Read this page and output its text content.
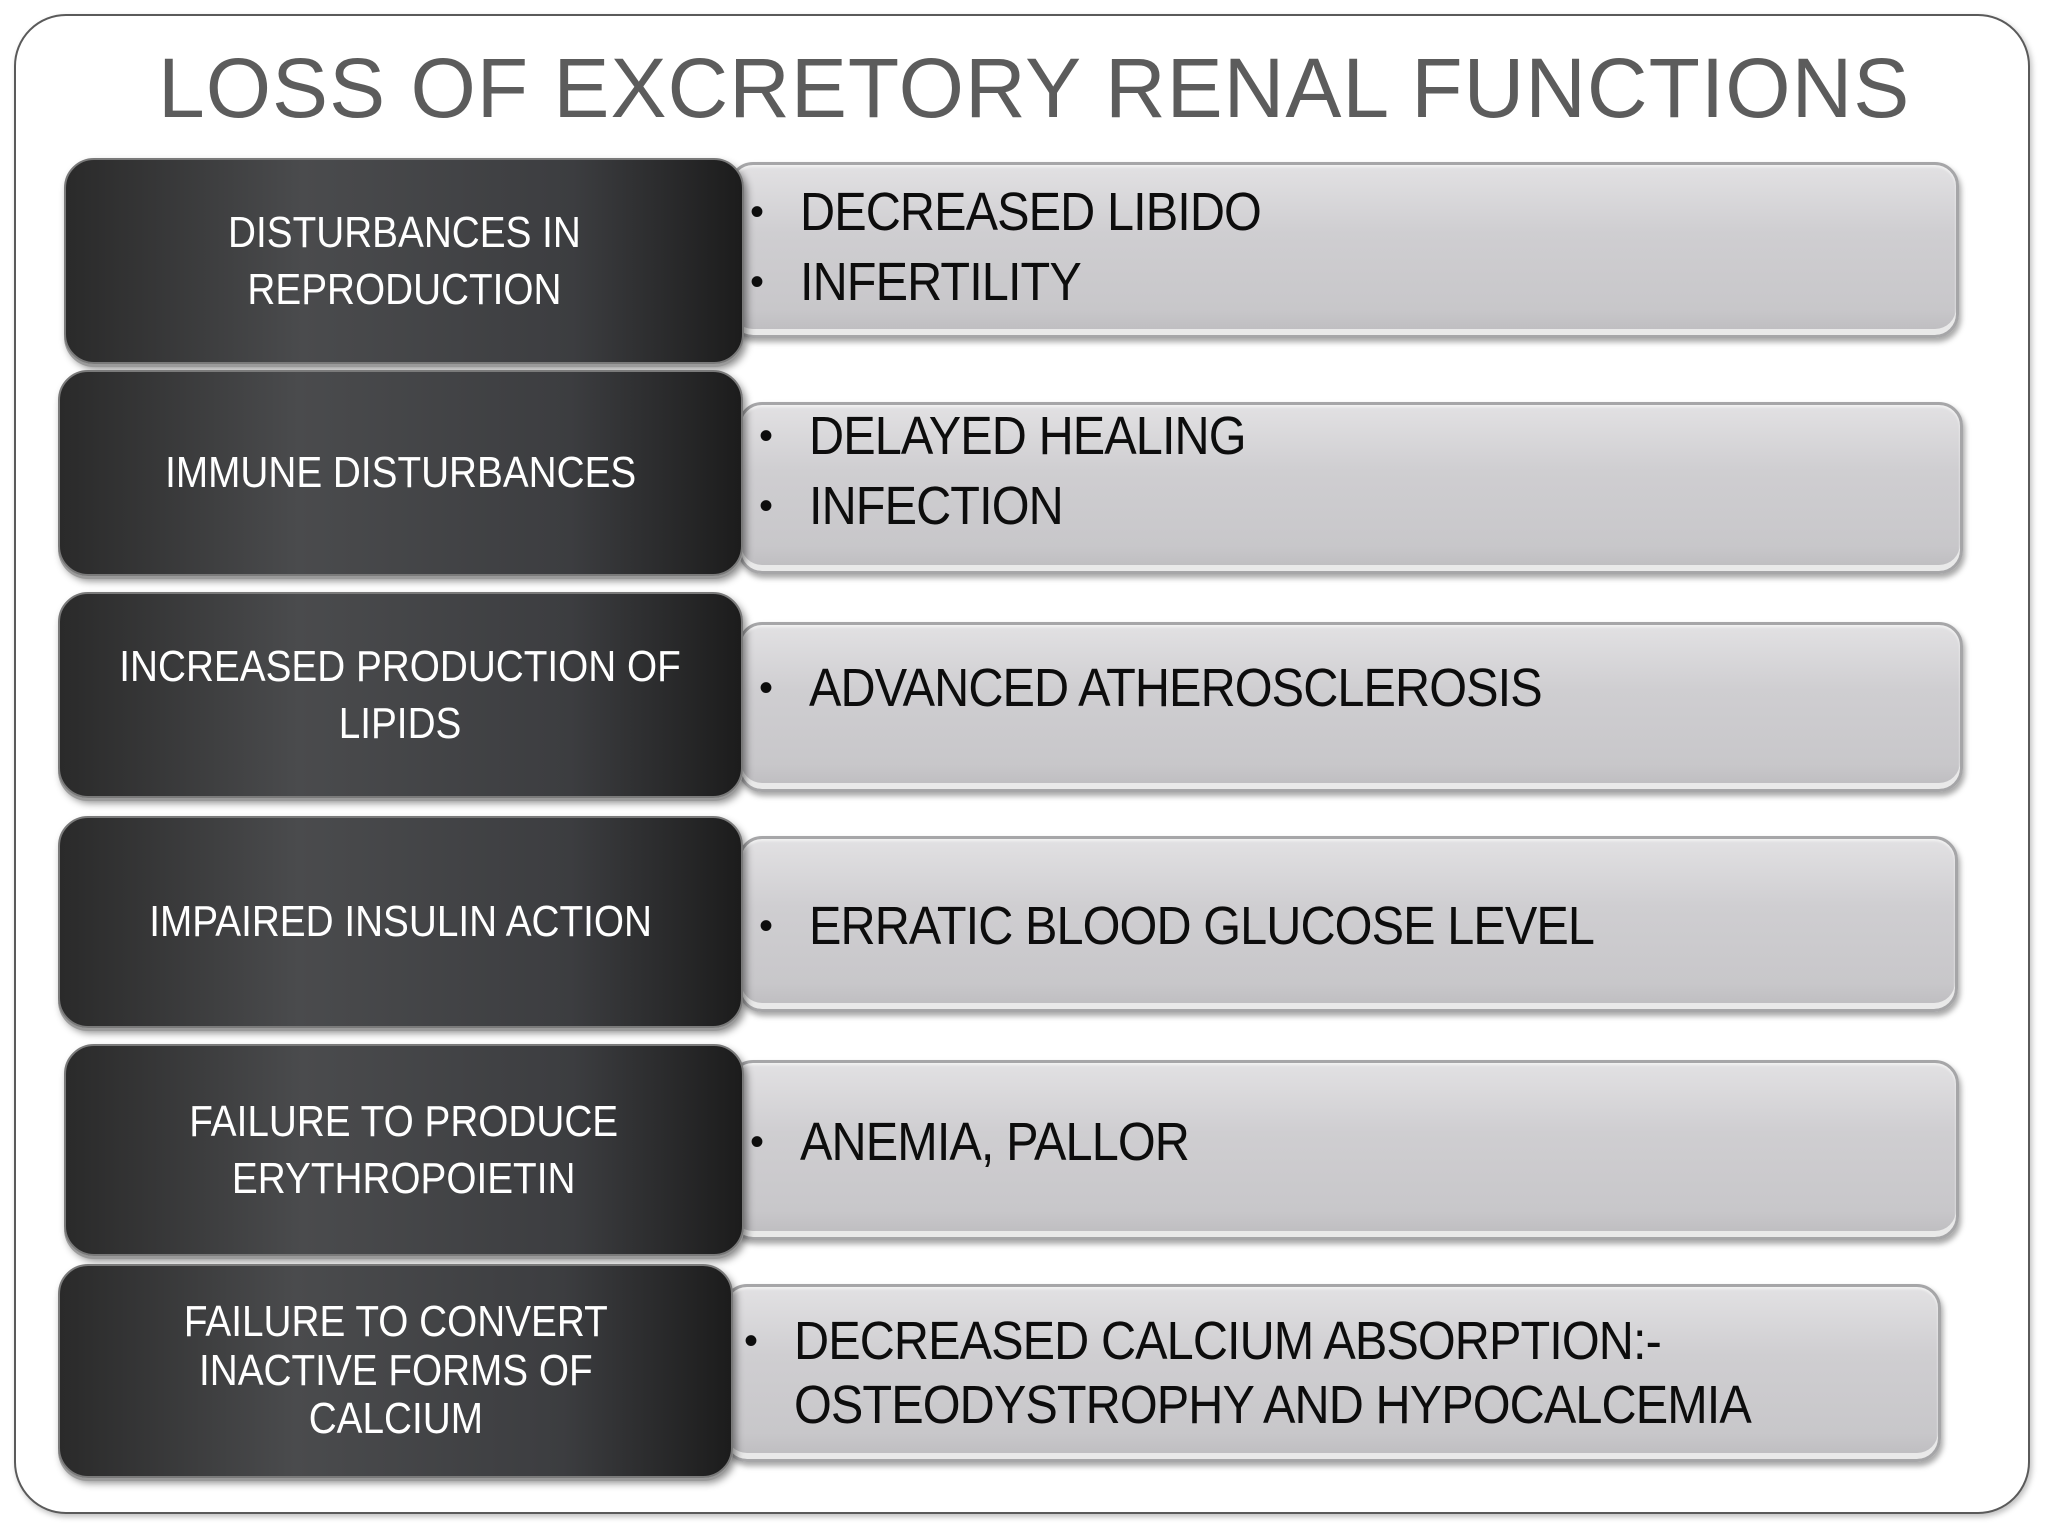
LOSS OF EXCRETORY RENAL FUNCTIONS
• DECREASED LIBIDO
• INFERTILITY
DISTURBANCES IN
REPRODUCTION
• DELAYED HEALING
• INFECTION
IMMUNE DISTURBANCES
• ADVANCED ATHEROSCLEROSIS
INCREASED PRODUCTION OF
LIPIDS
• ERRATIC BLOOD GLUCOSE LEVEL
IMPAIRED INSULIN ACTION
• ANEMIA, PALLOR
FAILURE TO PRODUCE
ERYTHROPOIETIN
• DECREASED CALCIUM ABSORPTION:-
OSTEODYSTROPHY AND HYPOCALCEMIA
FAILURE TO CONVERT
INACTIVE FORMS OF
CALCIUM
